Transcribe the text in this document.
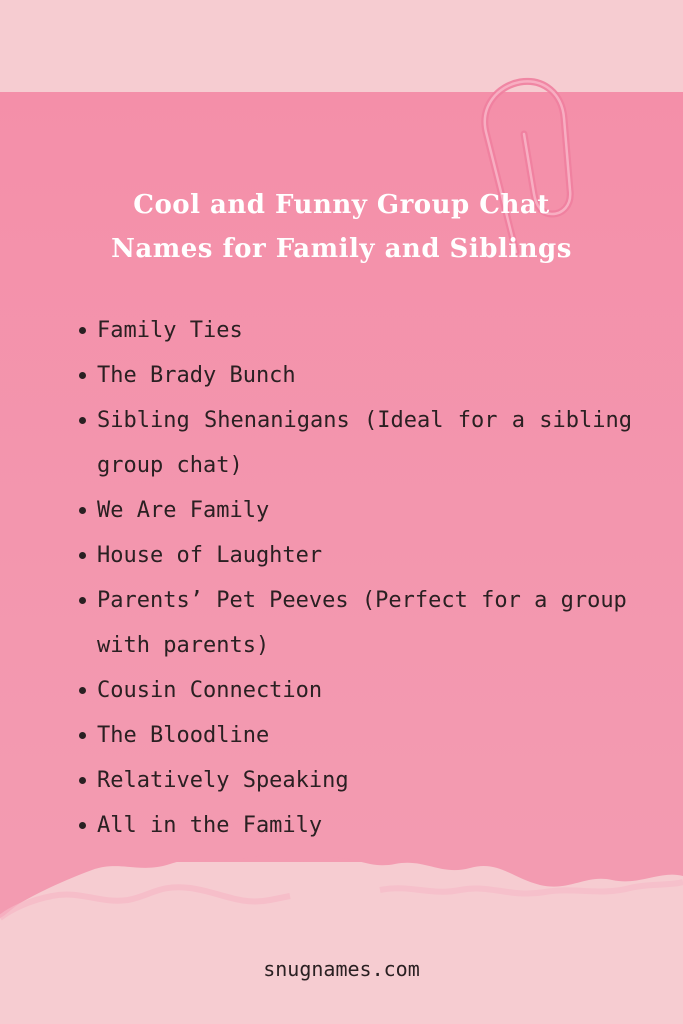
Cool and Funny Group Chat
Names for Family and Siblings
Family Ties
The Brady Bunch
Sibling Shenanigans (Ideal for a sibling group chat)
We Are Family
House of Laughter
Parents’ Pet Peeves (Perfect for a group with parents)
Cousin Connection
The Bloodline
Relatively Speaking
All in the Family
snugnames.com
